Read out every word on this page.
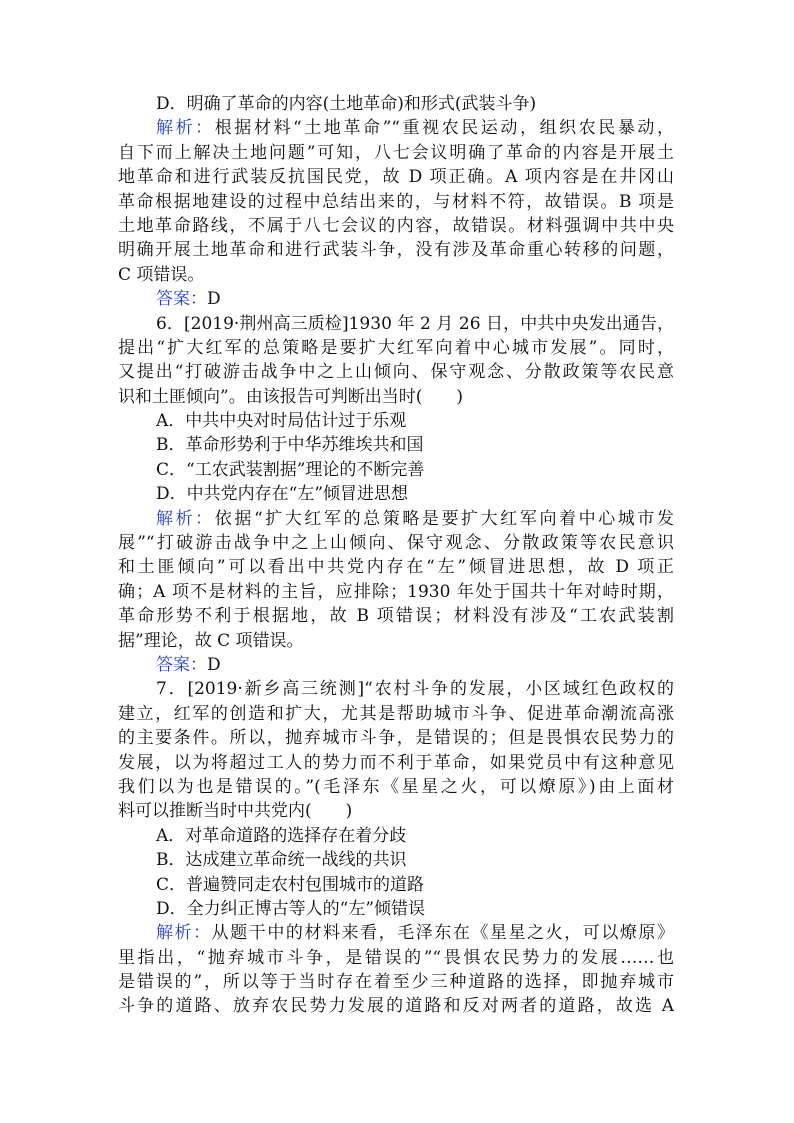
D．明确了革命的内容(土地革命)和形式(武装斗争)
解析：根据材料“土地革命”“重视农民运动，组织农民暴动，
自下而上解决土地问题”可知，八七会议明确了革命的内容是开展土
地革命和进行武装反抗国民党，故 D 项正确。A 项内容是在井冈山
革命根据地建设的过程中总结出来的，与材料不符，故错误。B 项是
土地革命路线，不属于八七会议的内容，故错误。材料强调中共中央
明确开展土地革命和进行武装斗争，没有涉及革命重心转移的问题，
C 项错误。
答案：D
6．[2019·荆州高三质检]1930 年 2 月 26 日，中共中央发出通告，
提出“扩大红军的总策略是要扩大红军向着中心城市发展”。同时，
又提出“打破游击战争中之上山倾向、保守观念、分散政策等农民意
识和土匪倾向”。由该报告可判断出当时(　　)
A．中共中央对时局估计过于乐观
B．革命形势利于中华苏维埃共和国
C．“工农武装割据”理论的不断完善
D．中共党内存在“左”倾冒进思想
解析：依据“扩大红军的总策略是要扩大红军向着中心城市发
展”“打破游击战争中之上山倾向、保守观念、分散政策等农民意识
和土匪倾向”可以看出中共党内存在“左”倾冒进思想，故 D 项正
确；A 项不是材料的主旨，应排除；1930 年处于国共十年对峙时期，
革命形势不利于根据地，故 B 项错误；材料没有涉及“工农武装割
据”理论，故 C 项错误。
答案：D
7．[2019·新乡高三统测]“农村斗争的发展，小区域红色政权的
建立，红军的创造和扩大，尤其是帮助城市斗争、促进革命潮流高涨
的主要条件。所以，抛弃城市斗争，是错误的；但是畏惧农民势力的
发展，以为将超过工人的势力而不利于革命，如果党员中有这种意见
我们以为也是错误的。”(毛泽东《星星之火，可以燎原》)由上面材
料可以推断当时中共党内(　　)
A．对革命道路的选择存在着分歧
B．达成建立革命统一战线的共识
C．普遍赞同走农村包围城市的道路
D．全力纠正博古等人的“左”倾错误
解析：从题干中的材料来看，毛泽东在《星星之火，可以燎原》
里指出，“抛弃城市斗争，是错误的”“畏惧农民势力的发展……也
是错误的”，所以等于当时存在着至少三种道路的选择，即抛弃城市
斗争的道路、放弃农民势力发展的道路和反对两者的道路，故选 A
